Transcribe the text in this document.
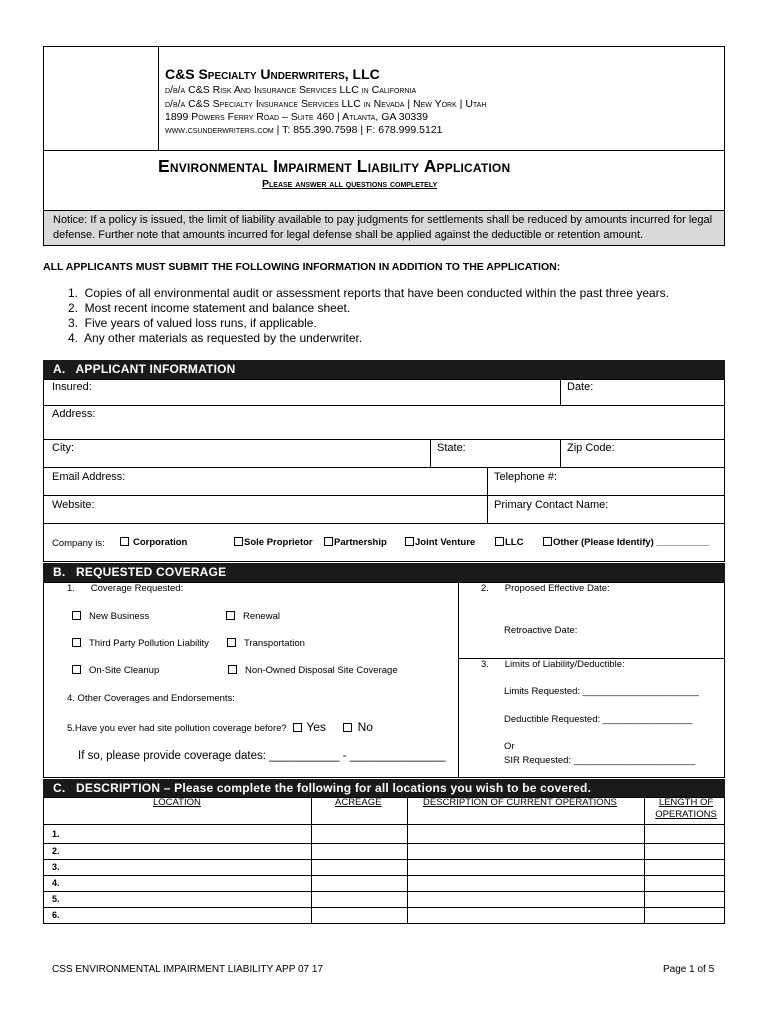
C&S Specialty Underwriters, LLC
d/b/a C&S Risk And Insurance Services LLC in California
d/b/a C&S Specialty Insurance Services LLC in Nevada | New York | Utah
1899 Powers Ferry Road – Suite 460 | Atlanta, GA 30339
www.csunderwriters.com | T: 855.390.7598 | F: 678.999.5121
Environmental Impairment Liability Application
Please answer all questions completely
Notice: If a policy is issued, the limit of liability available to pay judgments for settlements shall be reduced by amounts incurred for legal defense. Further note that amounts incurred for legal defense shall be applied against the deductible or retention amount.
ALL APPLICANTS MUST SUBMIT THE FOLLOWING INFORMATION IN ADDITION TO THE APPLICATION:
1.  Copies of all environmental audit or assessment reports that have been conducted within the past three years.
2.  Most recent income statement and balance sheet.
3.  Five years of valued loss runs, if applicable.
4.  Any other materials as requested by the underwriter.
A.   APPLICANT INFORMATION
Insured:	Date:
Address:
City:	State:	Zip Code:
Email Address:	Telephone #:
Website:	Primary Contact Name:
Company is:	Corporation	Sole Proprietor	Partnership	Joint Venture	LLC	Other (Please Identify) __________
B.   REQUESTED COVERAGE
1.      Coverage Requested:
New Business	Renewal
Third Party Pollution Liability	Transportation
On-Site Cleanup	Non-Owned Disposal Site Coverage
4. Other Coverages and Endorsements:
5.Have you ever had site pollution coverage before? Yes	No
If so, please provide coverage dates: ___________ - _______________
2.      Proposed Effective Date:
Retroactive Date:
3.      Limits of Liability/Deductible:
Limits Requested: ______________________
Deductible Requested: _________________
Or
SIR Requested: _______________________
C.   DESCRIPTION – Please complete the following for all locations you wish to be covered.
LOCATION	ACREAGE	DESCRIPTION OF CURRENT OPERATIONS	LENGTH OF OPERATIONS
1.
2.
3.
4.
5.
6.
CSS ENVIRONMENTAL IMPAIRMENT LIABILITY APP 07 17	Page 1 of 5
